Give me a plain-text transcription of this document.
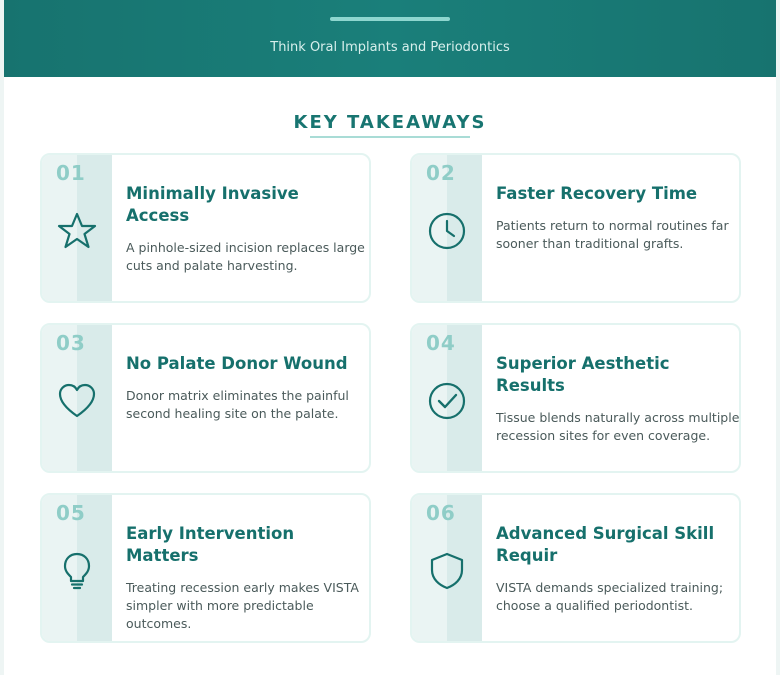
Think Oral Implants and Periodontics
KEY TAKEAWAYS
01
Minimally Invasive Access
A pinhole-sized incision replaces large cuts and palate harvesting.
02
Faster Recovery Time
Patients return to normal routines far sooner than traditional grafts.
03
No Palate Donor Wound
Donor matrix eliminates the painful second healing site on the palate.
04
Superior Aesthetic Results
Tissue blends naturally across multiple recession sites for even coverage.
05
Early Intervention Matters
Treating recession early makes VISTA simpler with more predictable outcomes.
06
Advanced Surgical Skill Requir
VISTA demands specialized training; choose a qualified periodontist.
